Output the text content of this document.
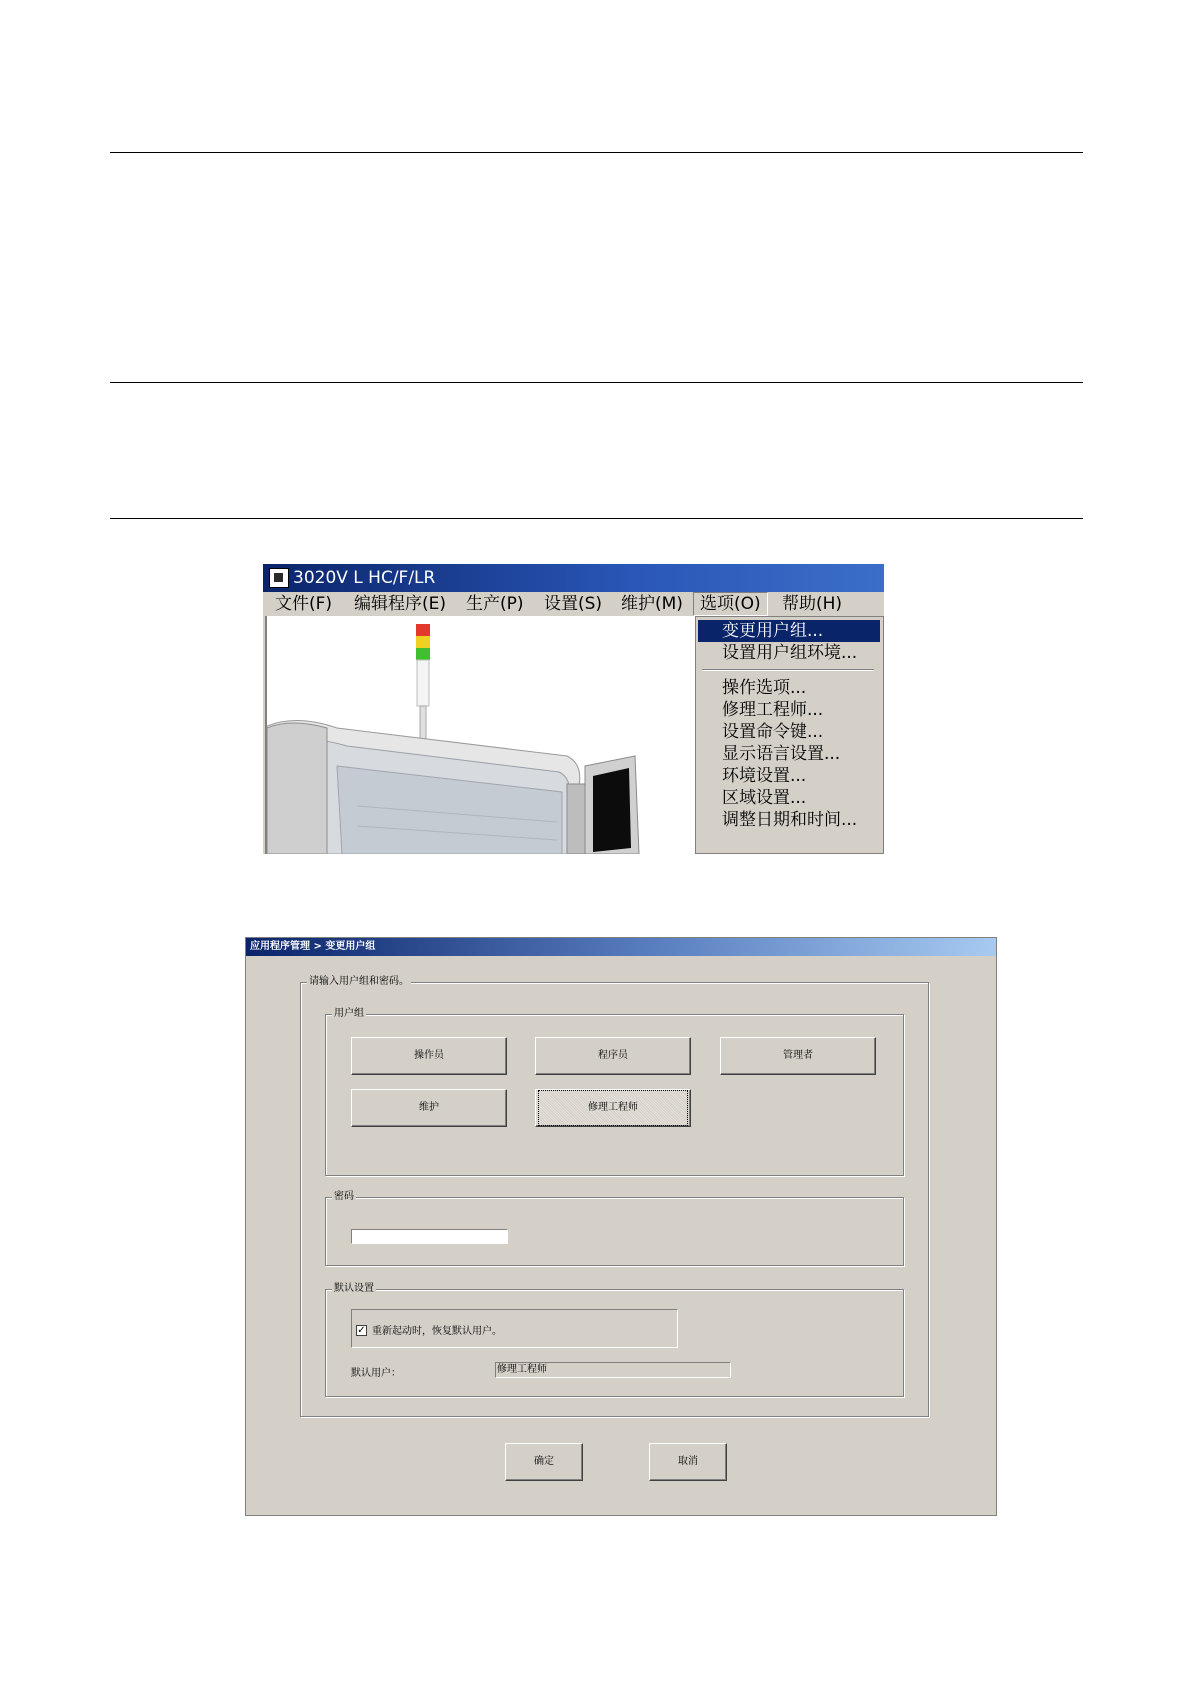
3020V L HC/F/LR
文件(F) 编辑程序(E) 生产(P) 设置(S) 维护(M)	选项(O)	帮助(H)
变更用户组...
设置用户组环境...
操作选项...
修理工程师...
设置命令键...
显示语言设置...
环境设置...
区域设置...
调整日期和时间...
应用程序管理 > 变更用户组
请输入用户组和密码。
用户组
操作员	程序员	管理者
维护	修理工程师
密码
默认设置
✓ 重新起动时，恢复默认用户。
默认用户：	修理工程师
确定	取消
